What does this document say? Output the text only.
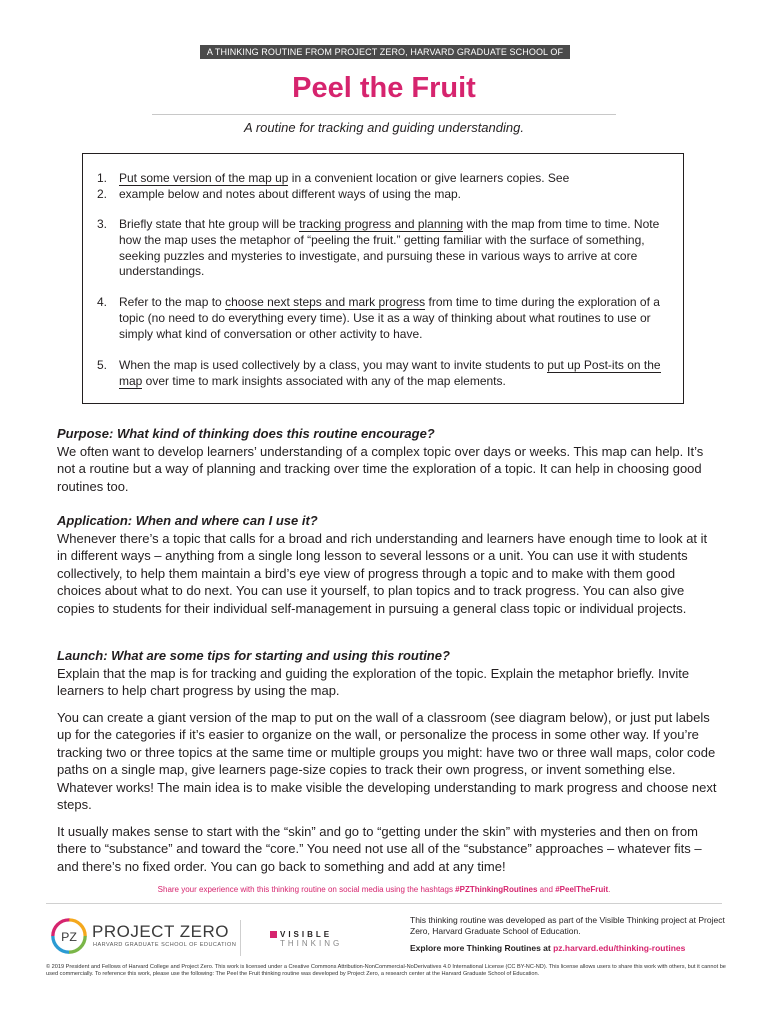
A THINKING ROUTINE FROM PROJECT ZERO, HARVARD GRADUATE SCHOOL OF EDUCATION
Peel the Fruit
A routine for tracking and guiding understanding.
1. Put some version of the map up in a convenient location or give learners copies. See
2. example below and notes about different ways of using the map.
3. Briefly state that hte group will be tracking progress and planning with the map from time to time. Note how the map uses the metaphor of “peeling the fruit.” getting familiar with the surface of something, seeking puzzles and mysteries to investigate, and pursuing these in various ways to arrive at core understandings.
4. Refer to the map to choose next steps and mark progress from time to time during the exploration of a topic (no need to do everything every time). Use it as a way of thinking about what routines to use or simply what kind of conversation or other activity to have.
5. When the map is used collectively by a class, you may want to invite students to put up Post-its on the map over time to mark insights associated with any of the map elements.
Purpose: What kind of thinking does this routine encourage?

We often want to develop learners’ understanding of a complex topic over days or weeks. This map can help. It’s not a routine but a way of planning and tracking over time the exploration of a topic. It can help in choosing good routines too.

Application: When and where can I use it?

Whenever there’s a topic that calls for a broad and rich understanding and learners have enough time to look at it in different ways – anything from a single long lesson to several lessons or a unit. You can use it with students collectively, to help them maintain a bird’s eye view of progress through a topic and to make with them good choices about what to do next. You can use it yourself, to plan topics and to track progress. You can also give copies to students for their individual self-management in pursuing a general class topic or individual projects.

Launch: What are some tips for starting and using this routine?

Explain that the map is for tracking and guiding the exploration of the topic. Explain the metaphor briefly. Invite learners to help chart progress by using the map.

You can create a giant version of the map to put on the wall of a classroom (see diagram below), or just put labels up for the categories if it’s easier to organize on the wall, or personalize the process in some other way. If you’re tracking two or three topics at the same time or multiple groups you might: have two or three wall maps, color code paths on a single map, give learners page-size copies to track their own progress, or invent something else. Whatever works! The main idea is to make visible the developing understanding to mark progress and choose next steps.

It usually makes sense to start with the “skin” and go to “getting under the skin” with mysteries and then on from there to “substance” and toward the “core.” You need not use all of the “substance” approaches – whatever fits – and there’s no fixed order. You can go back to something and add at any time!

Share your experience with this thinking routine on social media using the hashtags #PZThinkingRoutines and #PeelTheFruit.
PZ PROJECT ZERO
HARVARD GRADUATE SCHOOL OF EDUCATION
VISIBLE
THINKING
This thinking routine was developed as part of the Visible Thinking project at Project Zero, Harvard Graduate School of Education.
Explore more Thinking Routines at pz.harvard.edu/thinking-routines
© 2019 President and Fellows of Harvard College and Project Zero. This work is licensed under a Creative Commons Attribution-NonCommercial-NoDerivatives 4.0 International License (CC BY-NC-ND). This license allows users to share this work with others, but it cannot be used commercially. To reference this work, please use the following: The Peel the Fruit thinking routine was developed by Project Zero, a research center at the Harvard Graduate School of Education.
